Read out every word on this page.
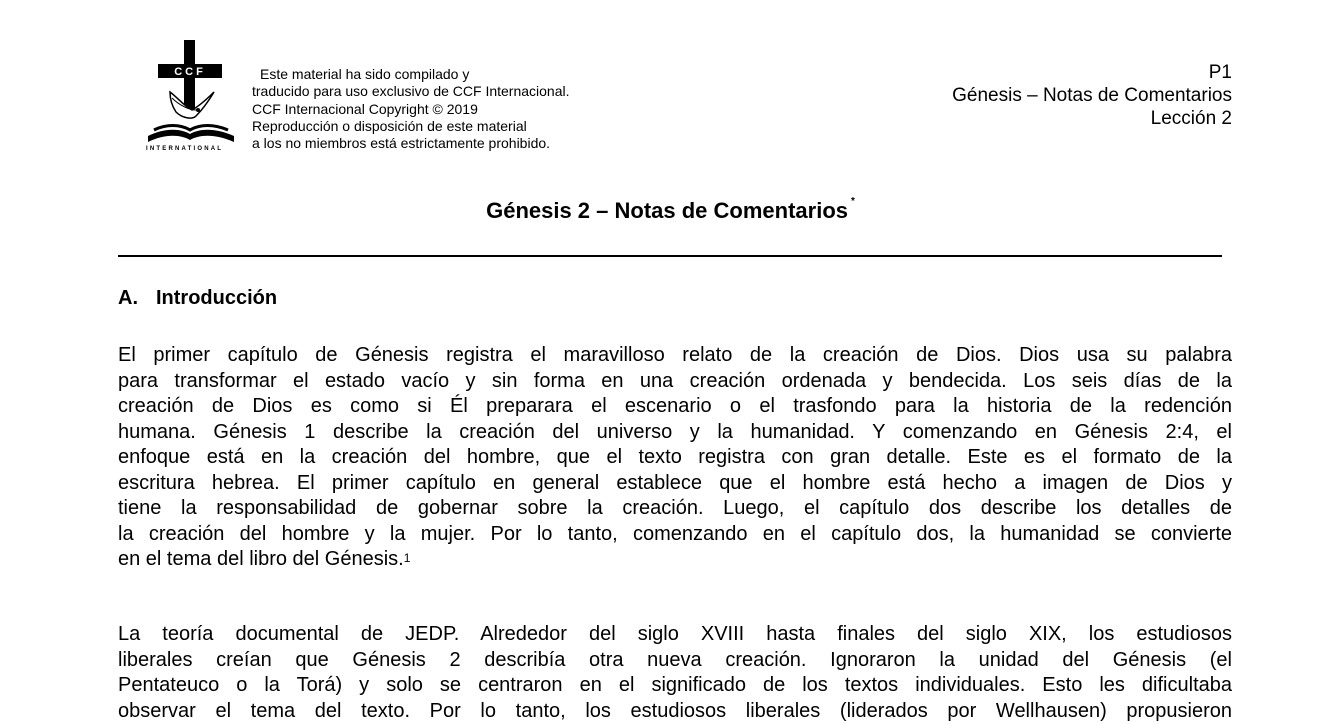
CCF
INTERNATIONAL
Este material ha sido compilado y
traducido para uso exclusivo de CCF Internacional.
CCF Internacional Copyright © 2019
Reproducción o disposición de este material
a los no miembros está estrictamente prohibido.
P1
Génesis – Notas de Comentarios
Lección 2
Génesis 2 – Notas de Comentarios *
A. Introducción
El primer capítulo de Génesis registra el maravilloso relato de la creación de Dios. Dios usa su palabra
para transformar el estado vacío y sin forma en una creación ordenada y bendecida. Los seis días de la
creación de Dios es como si Él preparara el escenario o el trasfondo para la historia de la redención
humana. Génesis 1 describe la creación del universo y la humanidad. Y comenzando en Génesis 2:4, el
enfoque está en la creación del hombre, que el texto registra con gran detalle. Este es el formato de la
escritura hebrea. El primer capítulo en general establece que el hombre está hecho a imagen de Dios y
tiene la responsabilidad de gobernar sobre la creación. Luego, el capítulo dos describe los detalles de
la creación del hombre y la mujer. Por lo tanto, comenzando en el capítulo dos, la humanidad se convierte
en el tema del libro del Génesis.$^1$
La teoría documental de JEDP. Alrededor del siglo XVIII hasta finales del siglo XIX, los estudiosos
liberales creían que Génesis 2 describía otra nueva creación. Ignoraron la unidad del Génesis (el
Pentateuco o la Torá) y solo se centraron en el significado de los textos individuales. Esto les dificultaba
observar el tema del texto. Por lo tanto, los estudiosos liberales (liderados por Wellhausen) propusieron
